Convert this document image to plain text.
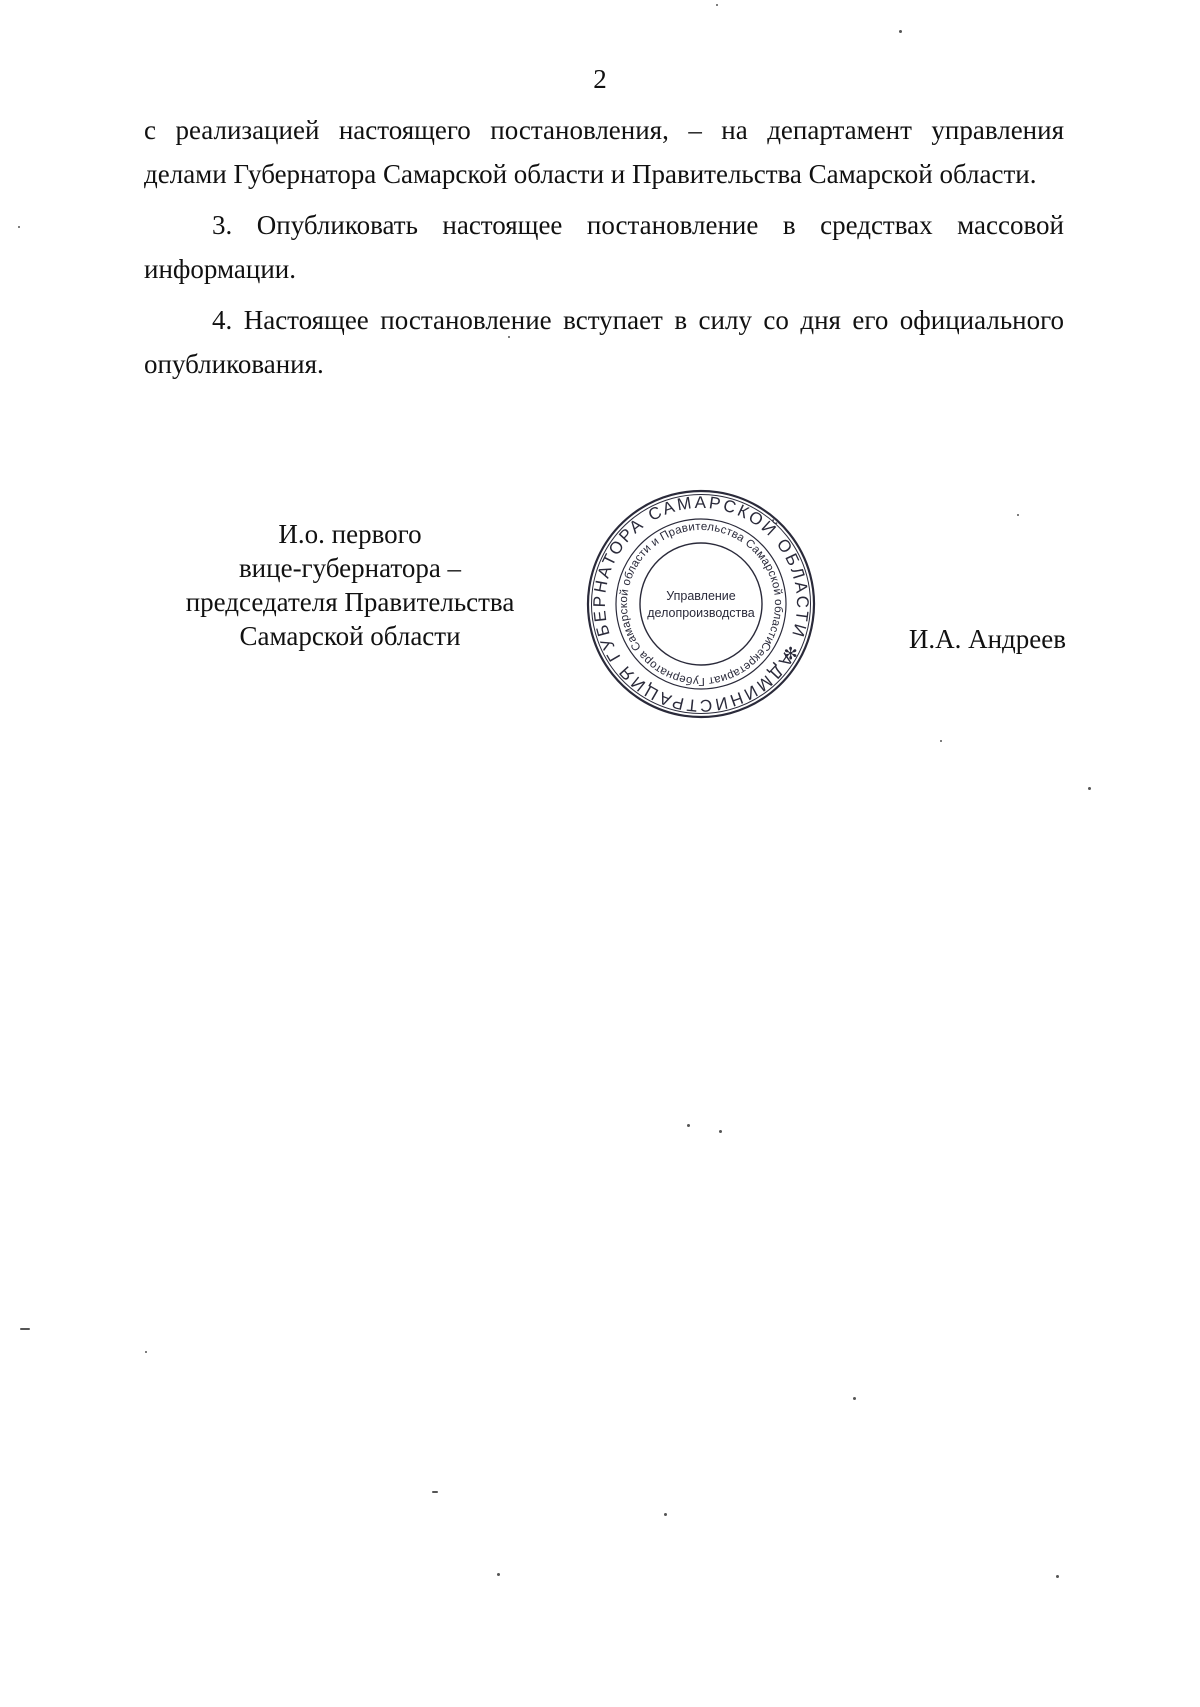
2

с реализацией настоящего постановления, – на департамент управления делами Губернатора Самарской области и Правительства Самарской области.

3. Опубликовать настоящее постановление в средствах массовой информации.

4. Настоящее постановление вступает в силу со дня его официального опубликования.

И.о. первого
вице-губернатора –
председателя Правительства
Самарской области
АДМИНИСТРАЦИЯ ГУБЕРНАТОРА САМАРСКОЙ ОБЛАСТИ ✻
Секретариат Губернатора Самарской области и Правительства Самарской области
Управление
делопроизводства
И.А. Андреев
